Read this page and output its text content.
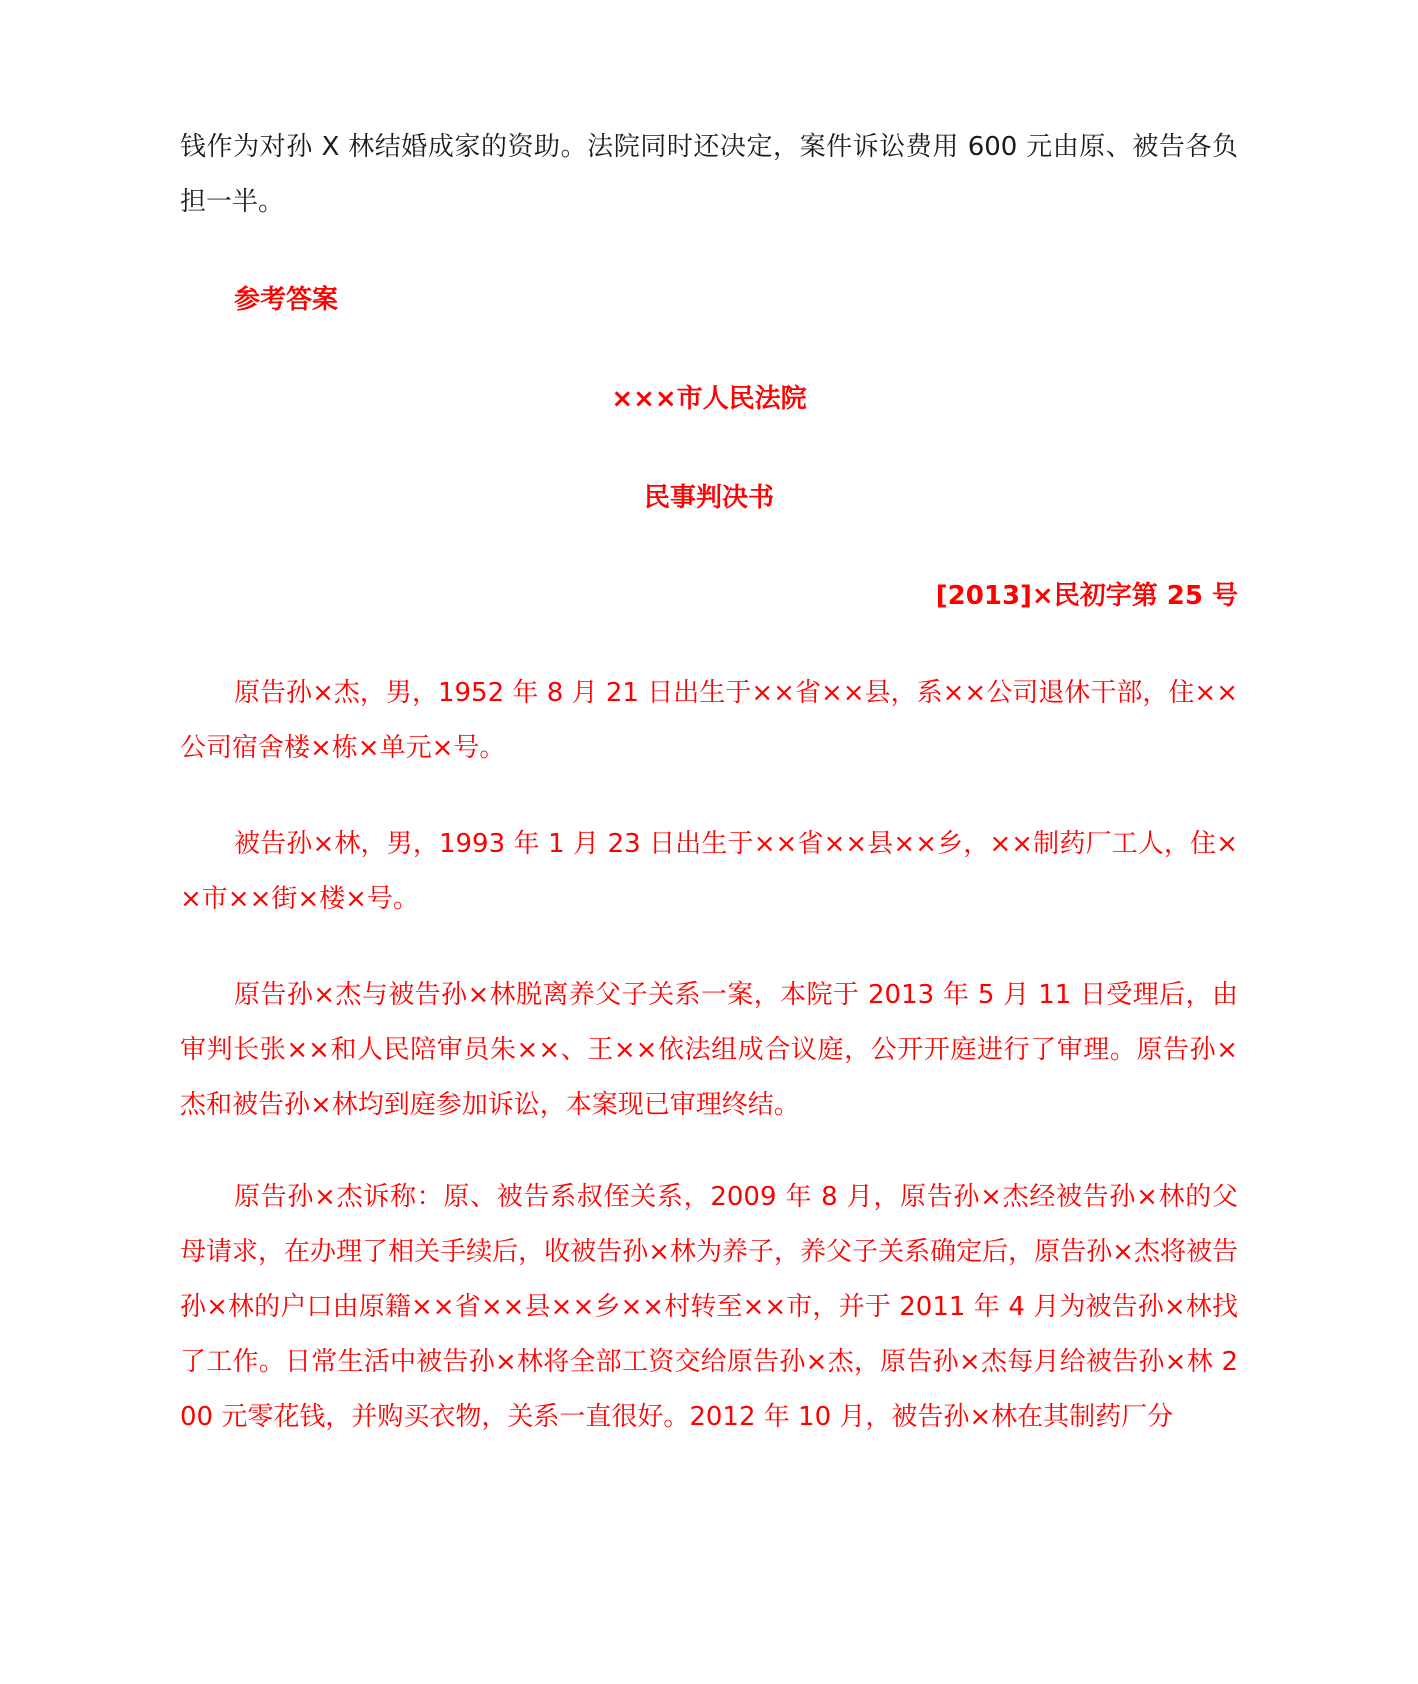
钱作为对孙 X 林结婚成家的资助。法院同时还决定，案件诉讼费用 600 元由原、被告各负担一半。

参考答案

×××市人民法院

民事判决书

[2013]×民初字第 25 号

原告孙×杰，男，1952 年 8 月 21 日出生于××省××县，系××公司退休干部，住××公司宿舍楼×栋×单元×号。

被告孙×林，男，1993 年 1 月 23 日出生于××省××县××乡，××制药厂工人，住××市××街×楼×号。

原告孙×杰与被告孙×林脱离养父子关系一案，本院于 2013 年 5 月 11 日受理后，由审判长张××和人民陪审员朱××、王××依法组成合议庭，公开开庭进行了审理。原告孙×杰和被告孙×林均到庭参加诉讼，本案现已审理终结。

原告孙×杰诉称：原、被告系叔侄关系，2009 年 8 月，原告孙×杰经被告孙×林的父母请求，在办理了相关手续后，收被告孙×林为养子，养父子关系确定后，原告孙×杰将被告孙×林的户口由原籍××省××县××乡××村转至××市，并于 2011 年 4 月为被告孙×林找了工作。日常生活中被告孙×林将全部工资交给原告孙×杰，原告孙×杰每月给被告孙×林 200 元零花钱，并购买衣物，关系一直很好。2012 年 10 月，被告孙×林在其制药厂分
